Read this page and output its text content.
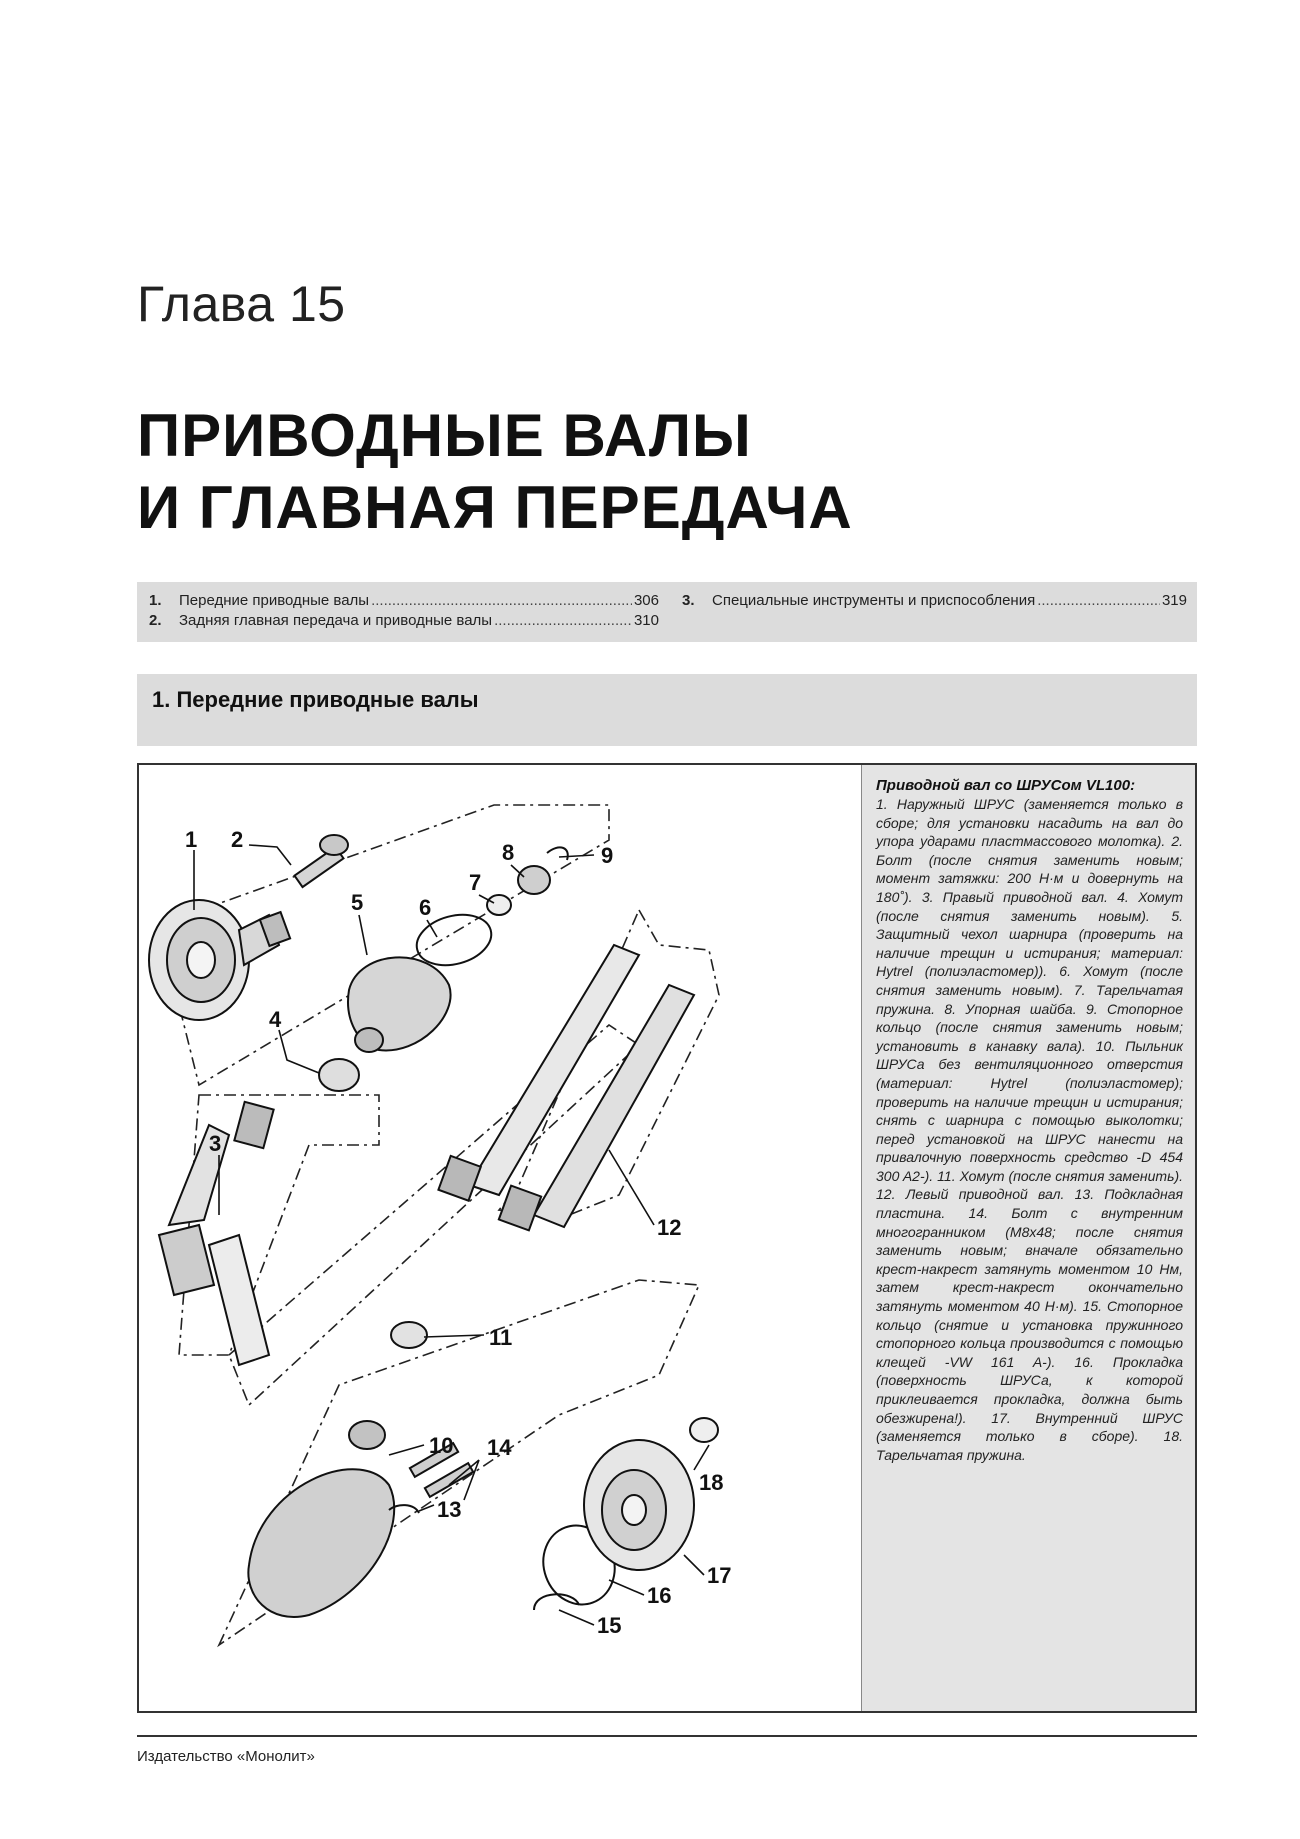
Глава 15
ПРИВОДНЫЕ ВАЛЫ
И ГЛАВНАЯ ПЕРЕДАЧА
1.	Передние приводные валы .....	306
2.	Задняя главная передача и приводные валы .....	310
3.	Специальные инструменты и приспособления .....	319
1. Передние приводные валы
1 2
3
4
5	6
7
8	9
10
11
12
13
14
15
16
17
18
Приводной вал со ШРУСом VL100:
1. Наружный ШРУС (заменяется только в сборе; для установки насадить на вал до упора ударами пластмассового молотка). 2. Болт (после снятия заменить новым; момент затяжки: 200 Н·м и довернуть на 180˚). 3. Правый приводной вал. 4. Хомут (после снятия заменить новым). 5. Защитный чехол шарнира (проверить на наличие трещин и истирания; материал: Hytrel (полиэластомер)). 6. Хомут (после снятия заменить новым). 7. Тарельчатая пружина. 8. Упорная шайба. 9. Стопорное кольцо (после снятия заменить новым; установить в канавку вала). 10. Пыльник ШРУСа без вентиляционного отверстия (материал: Hytrel (полиэластомер); проверить на наличие трещин и истирания; снять с шарнира с помощью выколотки; перед установкой на ШРУС нанести на привалочную поверхность средство -D 454 300 A2-). 11. Хомут (после снятия заменить). 12. Левый приводной вал. 13. Подкладная пластина. 14. Болт с внутренним многогранником (M8x48; после снятия заменить новым; вначале обязательно крест-накрест затянуть моментом 10 Нм, затем крест-накрест окончательно затянуть моментом 40 Н·м). 15. Стопорное кольцо (снятие и установка пружинного стопорного кольца производится с помощью клещей -VW 161 A-). 16. Прокладка (поверхность ШРУСа, к которой приклеивается прокладка, должна быть обезжирена!). 17. Внутренний ШРУС (заменяется только в сборе). 18. Тарельчатая пружина.
Издательство «Монолит»
